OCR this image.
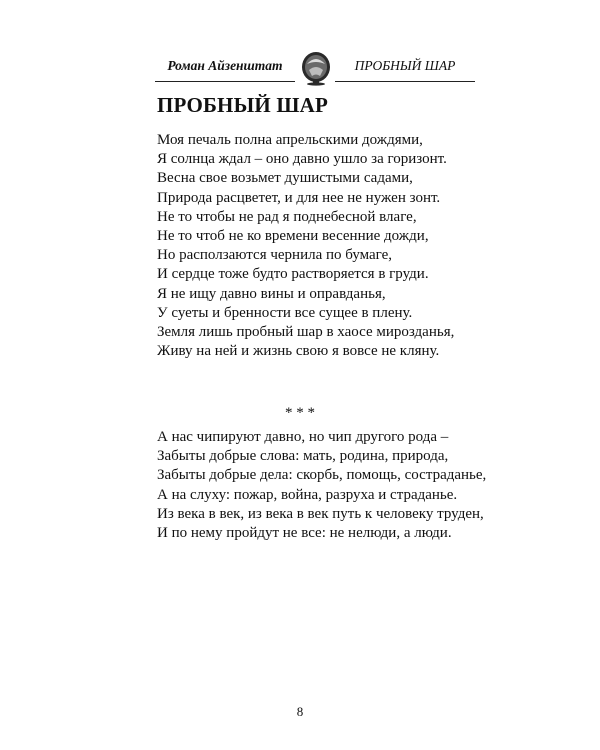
Роман Айзенштат	ПРОБНЫЙ ШАР
ПРОБНЫЙ ШАР
Моя печаль полна апрельскими дождями,
Я солнца ждал – оно давно ушло за горизонт.
Весна свое возьмет душистыми садами,
Природа расцветет, и для нее не нужен зонт.
Не то чтобы не рад я поднебесной влаге,
Не то чтоб не ко времени весенние дожди,
Но расползаются чернила по бумаге,
И сердце тоже будто растворяется в груди.
Я не ищу давно вины и оправданья,
У суеты и бренности все сущее в плену.
Земля лишь пробный шар в хаосе мирозданья,
Живу на ней и жизнь свою я вовсе не кляну.
* * *
А нас чипируют давно, но чип другого рода –
Забыты добрые слова: мать, родина, природа,
Забыты добрые дела: скорбь, помощь, состраданье,
А на слуху: пожар, война, разруха и страданье.
Из века в век, из века в век путь к человеку труден,
И по нему пройдут не все: не нелюди, а люди.
8
